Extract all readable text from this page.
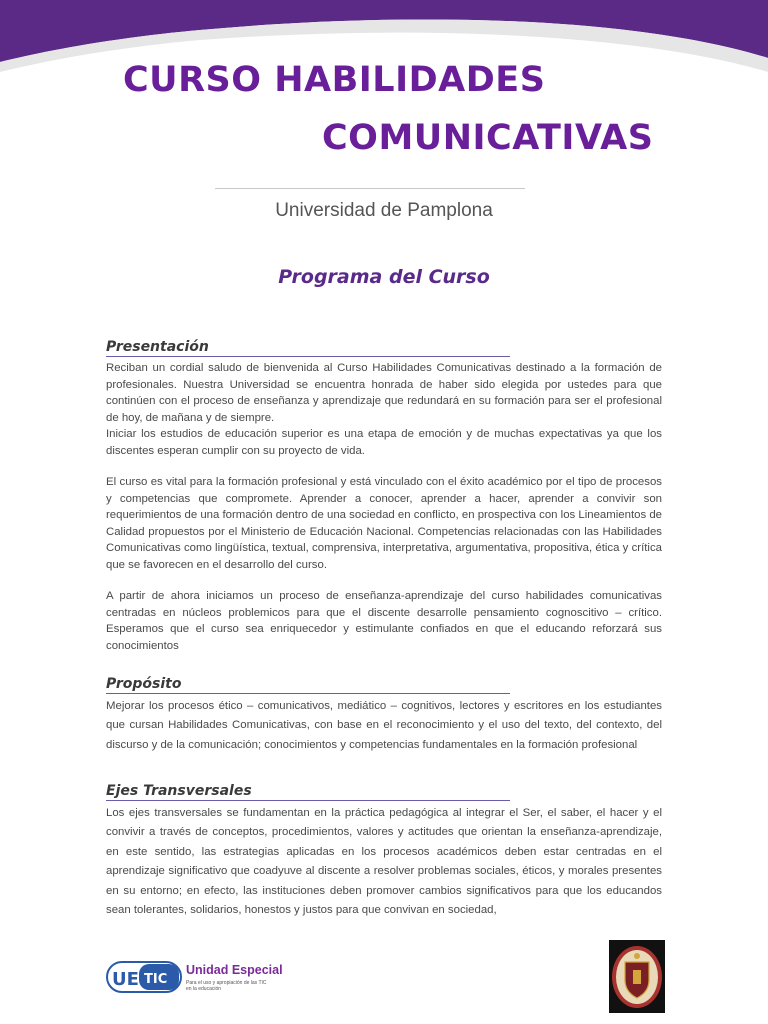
CURSO HABILIDADES
COMUNICATIVAS
Universidad de Pamplona
Programa del Curso
Presentación

Reciban un cordial saludo de bienvenida al Curso Habilidades Comunicativas destinado a la formación de profesionales. Nuestra Universidad se encuentra honrada de haber sido elegida por ustedes para que continúen con el proceso de enseñanza y aprendizaje que redundará en su formación para ser el profesional de hoy, de mañana y de siempre.

Iniciar los estudios de educación superior es una etapa de emoción y de muchas expectativas ya que los discentes esperan cumplir con su proyecto de vida.

El curso es vital para la formación profesional y está vinculado con el éxito académico por el tipo de procesos y competencias que compromete. Aprender a conocer, aprender a hacer, aprender a convivir son requerimientos de una formación dentro de una sociedad en conflicto, en prospectiva con los Lineamientos de Calidad propuestos por el Ministerio de Educación Nacional. Competencias relacionadas con las Habilidades Comunicativas como lingüística, textual, comprensiva, interpretativa, argumentativa, propositiva, ética y crítica que se favorecen en el desarrollo del curso.

A partir de ahora iniciamos un proceso de enseñanza-aprendizaje del curso habilidades comunicativas centradas en núcleos problemicos para que el discente desarrolle pensamiento cognoscitivo – crítico. Esperamos que el curso sea enriquecedor y estimulante confiados en que el educando reforzará sus conocimientos

Propósito

Mejorar los procesos ético – comunicativos, mediático – cognitivos, lectores y escritores en los estudiantes que cursan Habilidades Comunicativas, con base en el reconocimiento y el uso del texto, del contexto, del discurso y de la comunicación; conocimientos y competencias fundamentales en la formación profesional

Ejes Transversales

Los ejes transversales se fundamentan en la práctica pedagógica al integrar el Ser, el saber, el hacer y el convivir a través de conceptos, procedimientos, valores y actitudes que orientan la enseñanza-aprendizaje, en este sentido, las estrategias aplicadas en los procesos académicos deben estar centradas en el aprendizaje significativo que coadyuve al discente a resolver problemas sociales, éticos, y morales presentes en su entorno; en efecto, las instituciones deben promover cambios significativos para que los educandos sean tolerantes, solidarios, honestos y justos para que convivan en sociedad,

UE TIC
Unidad Especial
Para el uso y apropiación de las TIC
en la educación
